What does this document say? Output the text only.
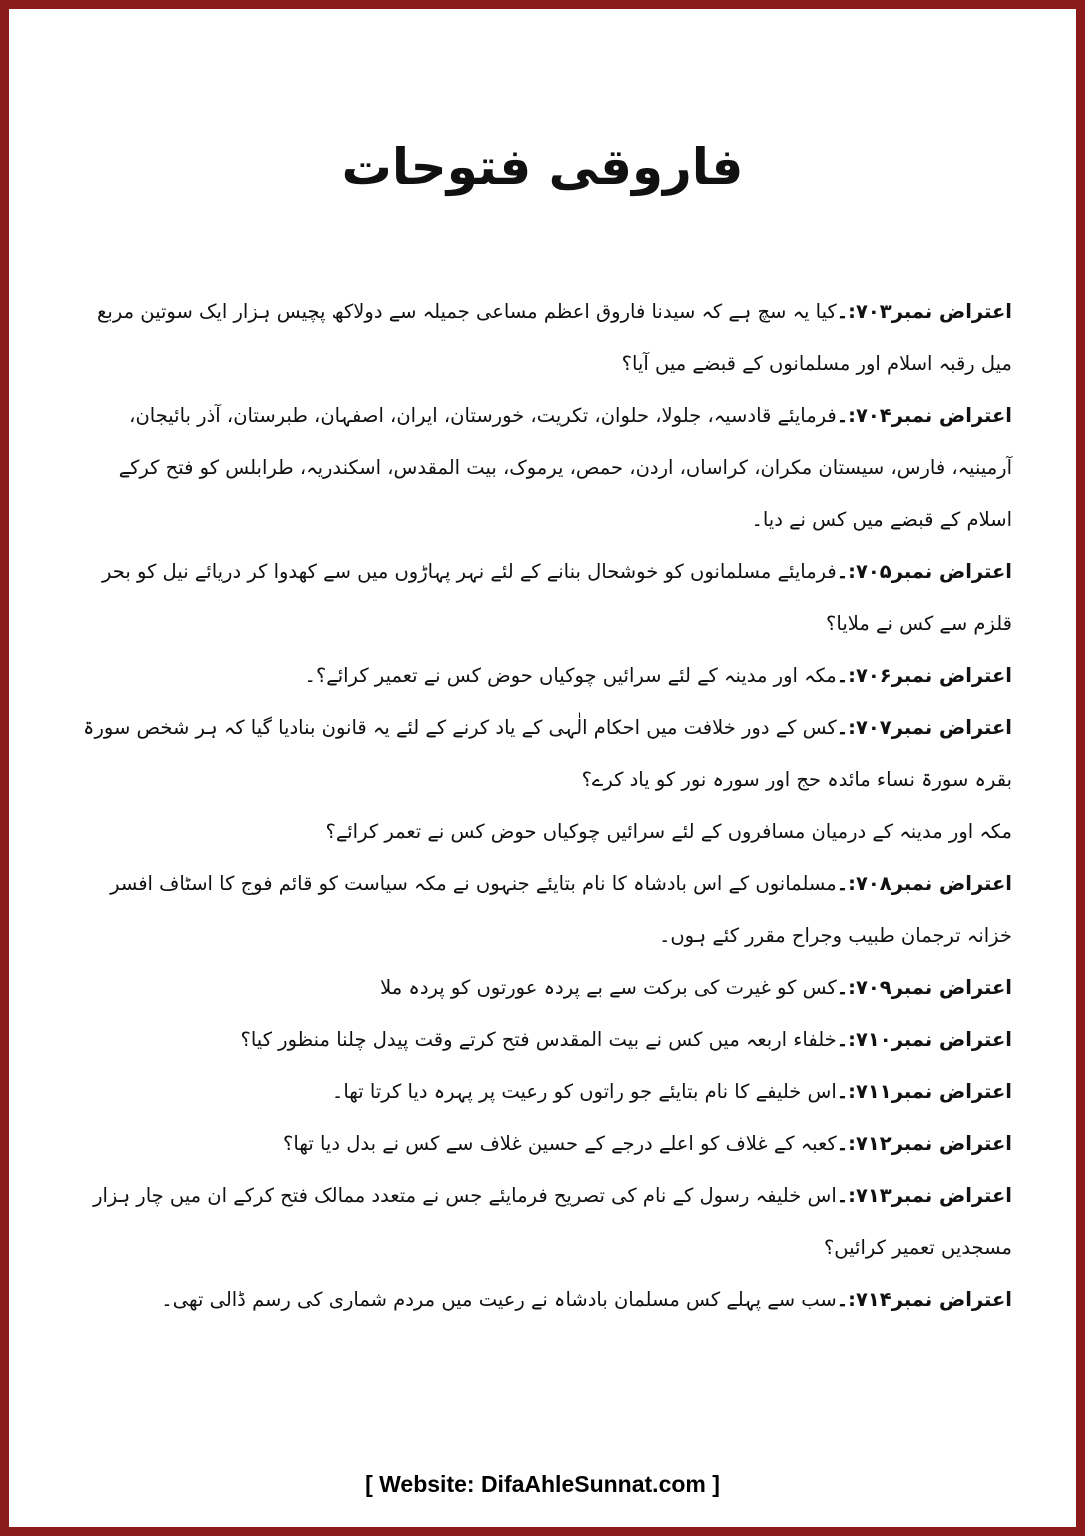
فاروقی فتوحات

اعتراض نمبر۷۰۳:۔کیا یہ سچ ہے کہ سیدنا فاروق اعظم مساعی جمیلہ سے دولاکھ پچیس ہزار ایک سوتین مربع میل رقبہ اسلام اور مسلمانوں کے قبضے میں آیا؟

اعتراض نمبر۷۰۴:۔فرمایئے قادسیہ، جلولا، حلوان، تکریت، خورستان، ایران، اصفہان، طبرستان، آذر بائیجان، آرمینیہ، فارس، سیستان مکران، کراساں، اردن، حمص، یرموک، بیت المقدس، اسکندریہ، طرابلس کو فتح کرکے اسلام کے قبضے میں کس نے دیا۔

اعتراض نمبر۷۰۵:۔فرمایئے مسلمانوں کو خوشحال بنانے کے لئے نہر پہاڑوں میں سے کھدوا کر دریائے نیل کو بحر قلزم سے کس نے ملایا؟

اعتراض نمبر۷۰۶:۔مکہ اور مدینہ کے لئے سرائیں چوکیاں حوض کس نے تعمیر کرائے؟۔

اعتراض نمبر۷۰۷:۔کس کے دور خلافت میں احکام الٰہی کے یاد کرنے کے لئے یہ قانون بنادیا گیا کہ ہر شخص سورۃ بقرہ سورۃ نساء مائدہ حج اور سورہ نور کو یاد کرے؟

مکہ اور مدینہ کے درمیان مسافروں کے لئے سرائیں چوکیاں حوض کس نے تعمر کرائے؟

اعتراض نمبر۷۰۸:۔مسلمانوں کے اس بادشاہ کا نام بتایئے جنہوں نے مکہ سیاست کو قائم فوج کا اسٹاف افسر خزانہ ترجمان طبیب وجراح مقرر کئے ہوں۔

اعتراض نمبر۷۰۹:۔کس کو غیرت کی برکت سے بے پردہ عورتوں کو پردہ ملا

اعتراض نمبر۷۱۰:۔خلفاء اربعہ میں کس نے بیت المقدس فتح کرتے وقت پیدل چلنا منظور کیا؟

اعتراض نمبر۷۱۱:۔اس خلیفے کا نام بتایئے جو راتوں کو رعیت پر پہرہ دیا کرتا تھا۔

اعتراض نمبر۷۱۲:۔کعبہ کے غلاف کو اعلے درجے کے حسین غلاف سے کس نے بدل دیا تھا؟

اعتراض نمبر۷۱۳:۔اس خلیفہ رسول کے نام کی تصریح فرمایئے جس نے متعدد ممالک فتح کرکے ان میں چار ہزار مسجدیں تعمیر کرائیں؟

اعتراض نمبر۷۱۴:۔سب سے پہلے کس مسلمان بادشاہ نے رعیت میں مردم شماری کی رسم ڈالی تھی۔

[ Website: DifaAhleSunnat.com ]
